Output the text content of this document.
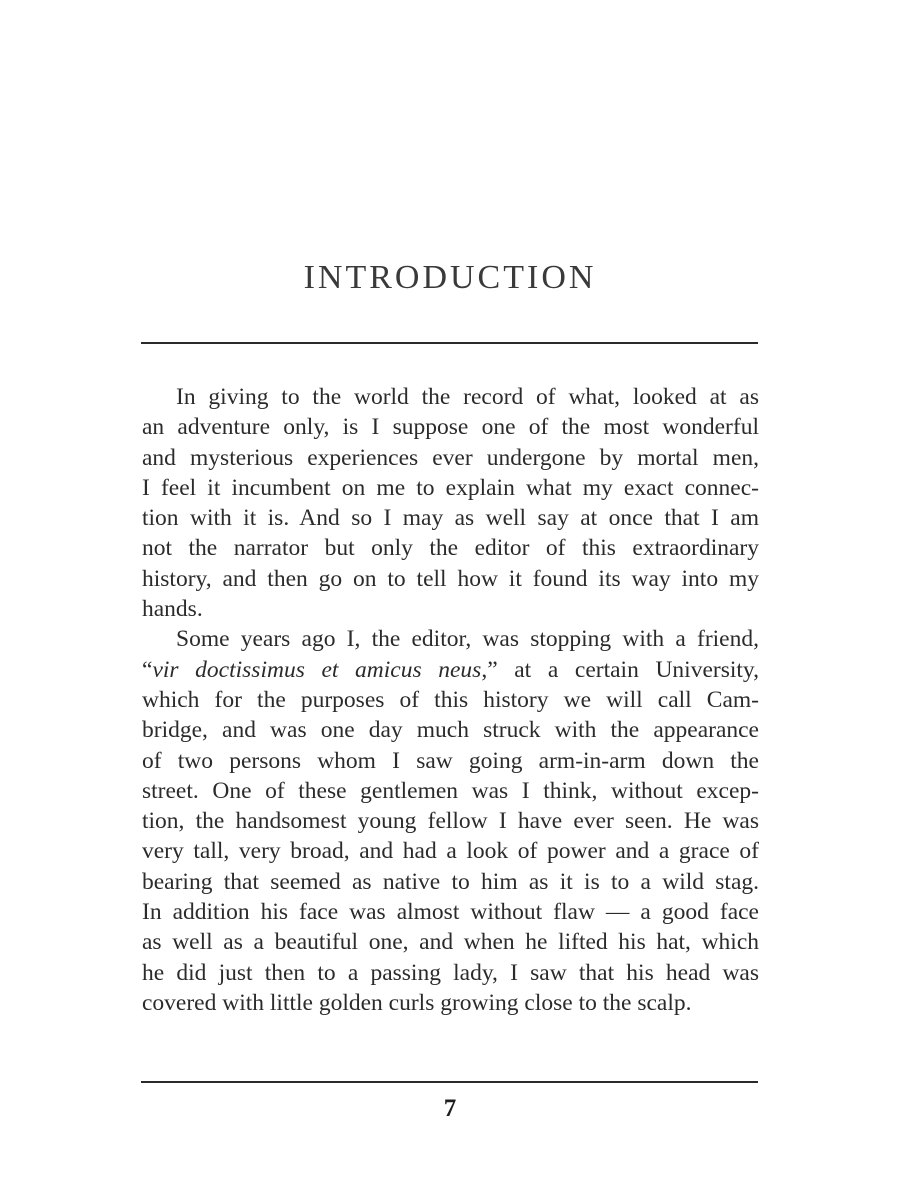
INTRODUCTION
In giving to the world the record of what, looked at as
an adventure only, is I suppose one of the most wonderful
and mysterious experiences ever undergone by mortal men,
I feel it incumbent on me to explain what my exact connec-
tion with it is. And so I may as well say at once that I am
not the narrator but only the editor of this extraordinary
history, and then go on to tell how it found its way into my
hands.
Some years ago I, the editor, was stopping with a friend,
“vir doctissimus et amicus neus,” at a certain University,
which for the purposes of this history we will call Cam-
bridge, and was one day much struck with the appearance
of two persons whom I saw going arm-in-arm down the
street. One of these gentlemen was I think, without excep-
tion, the handsomest young fellow I have ever seen. He was
very tall, very broad, and had a look of power and a grace of
bearing that seemed as native to him as it is to a wild stag.
In addition his face was almost without flaw — a good face
as well as a beautiful one, and when he lifted his hat, which
he did just then to a passing lady, I saw that his head was
covered with little golden curls growing close to the scalp.
7
